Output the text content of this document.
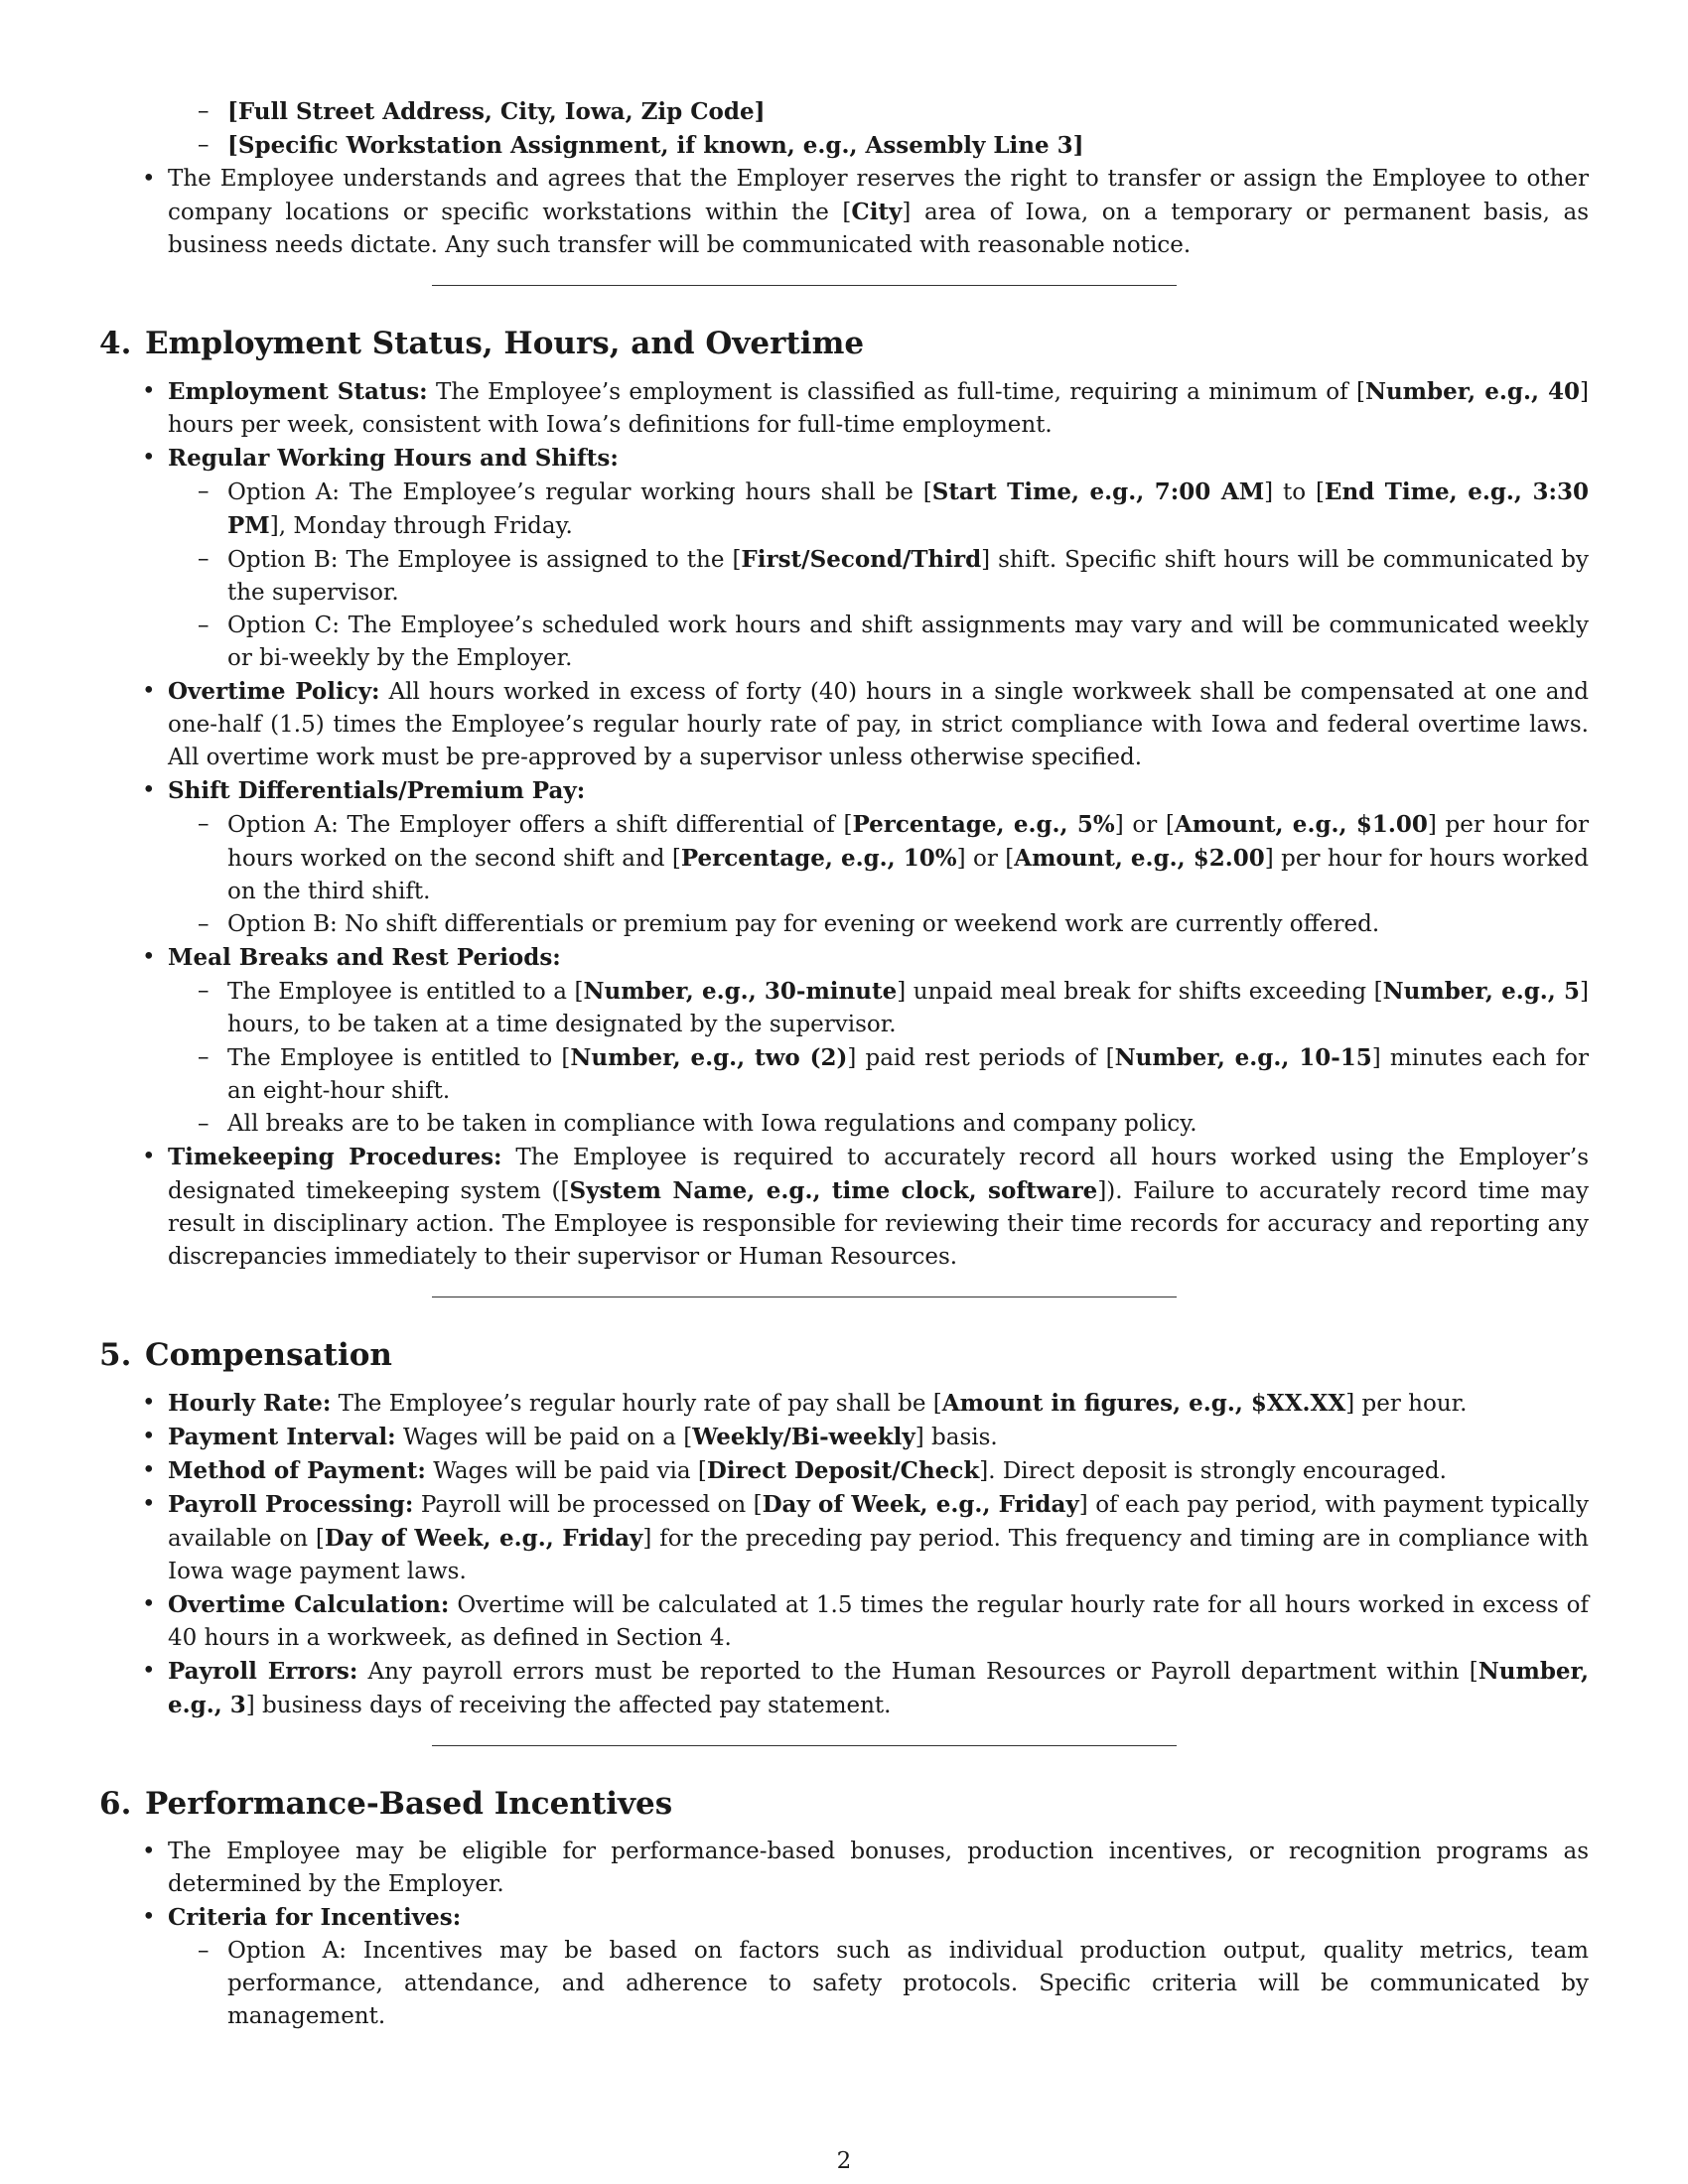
– [Full Street Address, City, Iowa, Zip Code]
– [Specific Workstation Assignment, if known, e.g., Assembly Line 3]
• The Employee understands and agrees that the Employer reserves the right to transfer or assign the Employee to other company locations or specific workstations within the [City] area of Iowa, on a temporary or permanent basis, as business needs dictate. Any such transfer will be communicated with reasonable notice.
4. Employment Status, Hours, and Overtime
• Employment Status: The Employee’s employment is classified as full-time, requiring a minimum of [Number, e.g., 40] hours per week, consistent with Iowa’s definitions for full-time employment.
• Regular Working Hours and Shifts:
– Option A: The Employee’s regular working hours shall be [Start Time, e.g., 7:00 AM] to [End Time, e.g., 3:30 PM], Monday through Friday.
– Option B: The Employee is assigned to the [First/Second/Third] shift. Specific shift hours will be communicated by the supervisor.
– Option C: The Employee’s scheduled work hours and shift assignments may vary and will be communicated weekly or bi-weekly by the Employer.
• Overtime Policy: All hours worked in excess of forty (40) hours in a single workweek shall be compensated at one and one-half (1.5) times the Employee’s regular hourly rate of pay, in strict compliance with Iowa and federal overtime laws. All overtime work must be pre-approved by a supervisor unless otherwise specified.
• Shift Differentials/Premium Pay:
– Option A: The Employer offers a shift differential of [Percentage, e.g., 5%] or [Amount, e.g., $1.00] per hour for hours worked on the second shift and [Percentage, e.g., 10%] or [Amount, e.g., $2.00] per hour for hours worked on the third shift.
– Option B: No shift differentials or premium pay for evening or weekend work are currently offered.
• Meal Breaks and Rest Periods:
– The Employee is entitled to a [Number, e.g., 30-minute] unpaid meal break for shifts exceeding [Number, e.g., 5] hours, to be taken at a time designated by the supervisor.
– The Employee is entitled to [Number, e.g., two (2)] paid rest periods of [Number, e.g., 10-15] minutes each for an eight-hour shift.
– All breaks are to be taken in compliance with Iowa regulations and company policy.
• Timekeeping Procedures: The Employee is required to accurately record all hours worked using the Employer’s designated timekeeping system ([System Name, e.g., time clock, software]). Failure to accurately record time may result in disciplinary action. The Employee is responsible for reviewing their time records for accuracy and reporting any discrepancies immediately to their supervisor or Human Resources.
5. Compensation
• Hourly Rate: The Employee’s regular hourly rate of pay shall be [Amount in figures, e.g., $XX.XX] per hour.
• Payment Interval: Wages will be paid on a [Weekly/Bi-weekly] basis.
• Method of Payment: Wages will be paid via [Direct Deposit/Check]. Direct deposit is strongly encouraged.
• Payroll Processing: Payroll will be processed on [Day of Week, e.g., Friday] of each pay period, with payment typically available on [Day of Week, e.g., Friday] for the preceding pay period. This frequency and timing are in compliance with Iowa wage payment laws.
• Overtime Calculation: Overtime will be calculated at 1.5 times the regular hourly rate for all hours worked in excess of 40 hours in a workweek, as defined in Section 4.
• Payroll Errors: Any payroll errors must be reported to the Human Resources or Payroll department within [Number, e.g., 3] business days of receiving the affected pay statement.
6. Performance-Based Incentives
• The Employee may be eligible for performance-based bonuses, production incentives, or recognition programs as determined by the Employer.
• Criteria for Incentives:
– Option A: Incentives may be based on factors such as individual production output, quality metrics, team performance, attendance, and adherence to safety protocols. Specific criteria will be communicated by management.
2
